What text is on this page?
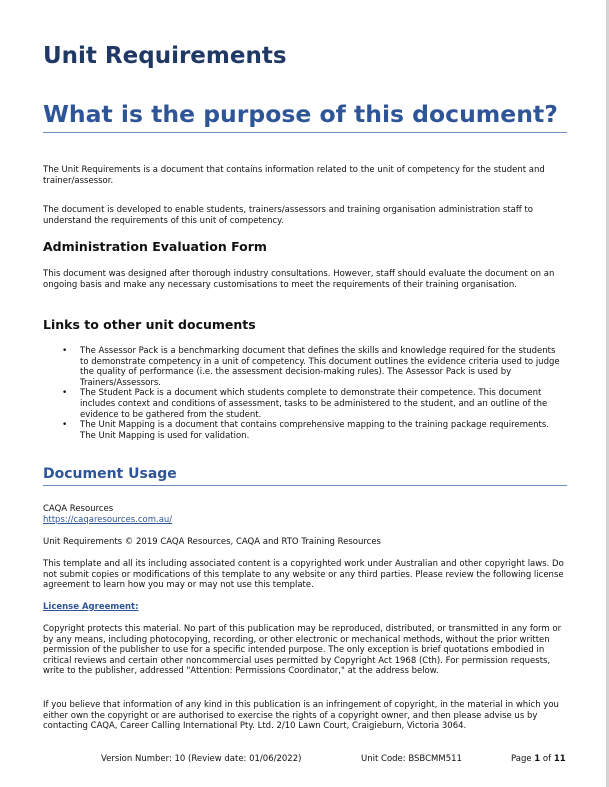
Unit Requirements
What is the purpose of this document?

The Unit Requirements is a document that contains information related to the unit of competency for the student and trainer/assessor.

The document is developed to enable students, trainers/assessors and training organisation administration staff to understand the requirements of this unit of competency.

Administration Evaluation Form

This document was designed after thorough industry consultations. However, staff should evaluate the document on an ongoing basis and make any necessary customisations to meet the requirements of their training organisation.

Links to other unit documents
• The Assessor Pack is a benchmarking document that defines the skills and knowledge required for the students to demonstrate competency in a unit of competency. This document outlines the evidence criteria used to judge the quality of performance (i.e. the assessment decision-making rules). The Assessor Pack is used by Trainers/Assessors.
• The Student Pack is a document which students complete to demonstrate their competence. This document includes context and conditions of assessment, tasks to be administered to the student, and an outline of the evidence to be gathered from the student.
• The Unit Mapping is a document that contains comprehensive mapping to the training package requirements. The Unit Mapping is used for validation.
Document Usage

CAQA Resources

https://caqaresources.com.au/

Unit Requirements © 2019 CAQA Resources, CAQA and RTO Training Resources

This template and all its including associated content is a copyrighted work under Australian and other copyright laws. Do not submit copies or modifications of this template to any website or any third parties. Please review the following license agreement to learn how you may or may not use this template.

License Agreement:

Copyright protects this material. No part of this publication may be reproduced, distributed, or transmitted in any form or by any means, including photocopying, recording, or other electronic or mechanical methods, without the prior written permission of the publisher to use for a specific intended purpose. The only exception is brief quotations embodied in critical reviews and certain other noncommercial uses permitted by Copyright Act 1968 (Cth). For permission requests, write to the publisher, addressed "Attention: Permissions Coordinator," at the address below.

If you believe that information of any kind in this publication is an infringement of copyright, in the material in which you either own the copyright or are authorised to exercise the rights of a copyright owner, and then please advise us by contacting CAQA, Career Calling International Pty. Ltd. 2/10 Lawn Court, Craigieburn, Victoria 3064.

Version Number: 10 (Review date: 01/06/2022)	Unit Code: BSBCMM511	Page 1 of 11
